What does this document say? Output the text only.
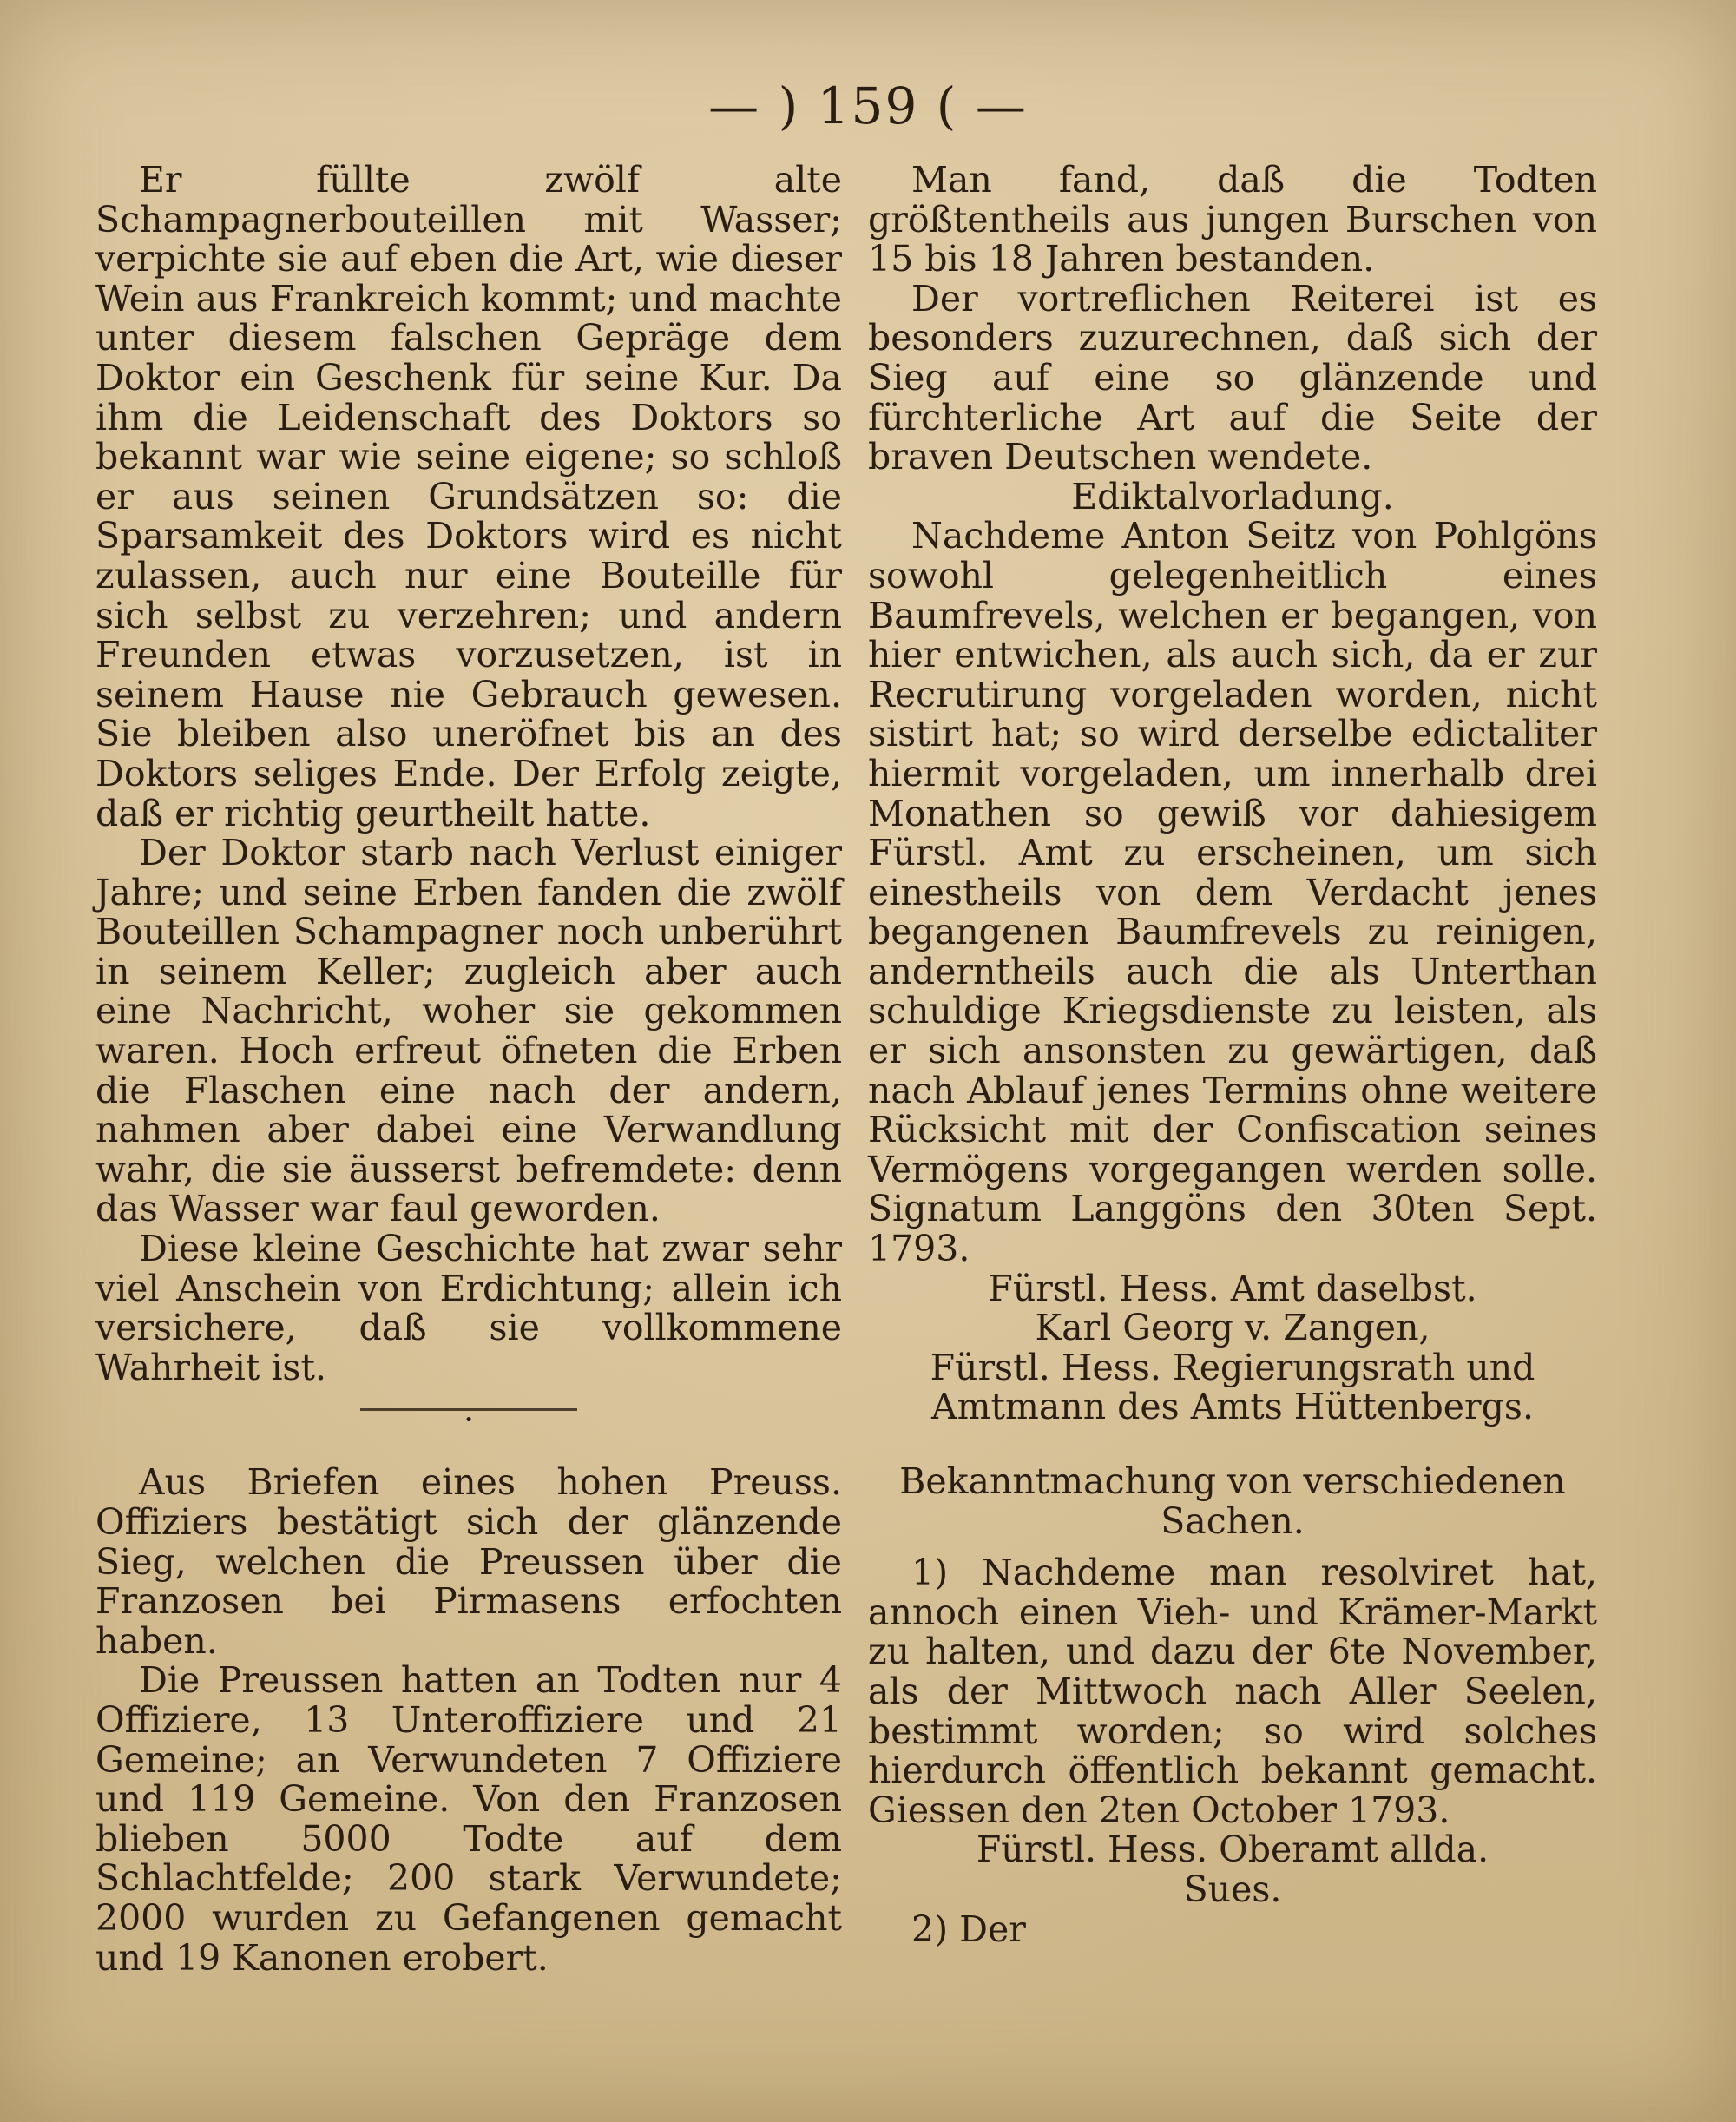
— ) 159 ( —

Er füllte zwölf alte Schampagnerbouteillen mit Wasser; verpichte sie auf eben die Art, wie dieser Wein aus Frankreich kommt; und machte unter diesem falschen Gepräge dem Doktor ein Geschenk für seine Kur. Da ihm die Leidenschaft des Doktors so bekannt war wie seine eigene; so schloß er aus seinen Grundsätzen so: die Sparsamkeit des Doktors wird es nicht zulassen, auch nur eine Bouteille für sich selbst zu verzehren; und andern Freunden etwas vorzusetzen, ist in seinem Hause nie Gebrauch gewesen. Sie bleiben also uneröfnet bis an des Doktors seliges Ende. Der Erfolg zeigte, daß er richtig geurtheilt hatte.

Der Doktor starb nach Verlust einiger Jahre; und seine Erben fanden die zwölf Bouteillen Schampagner noch unberührt in seinem Keller; zugleich aber auch eine Nachricht, woher sie gekommen waren. Hoch erfreut öfneten die Erben die Flaschen eine nach der andern, nahmen aber dabei eine Verwandlung wahr, die sie äusserst befremdete: denn das Wasser war faul geworden.

Diese kleine Geschichte hat zwar sehr viel Anschein von Erdichtung; allein ich versichere, daß sie vollkommene Wahrheit ist.

•

Aus Briefen eines hohen Preuss. Offiziers bestätigt sich der glänzende Sieg, welchen die Preussen über die Franzosen bei Pirmasens erfochten haben.

Die Preussen hatten an Todten nur 4 Offiziere, 13 Unteroffiziere und 21 Gemeine; an Verwundeten 7 Offiziere und 119 Gemeine. Von den Franzosen blieben 5000 Todte auf dem Schlachtfelde; 200 stark Verwundete; 2000 wurden zu Gefangenen gemacht und 19 Kanonen erobert.

Man fand, daß die Todten größtentheils aus jungen Burschen von 15 bis 18 Jahren bestanden.

Der vortreflichen Reiterei ist es besonders zuzurechnen, daß sich der Sieg auf eine so glänzende und fürchterliche Art auf die Seite der braven Deutschen wendete.

Ediktalvorladung.

Nachdeme Anton Seitz von Pohlgöns sowohl gelegenheitlich eines Baumfrevels, welchen er begangen, von hier entwichen, als auch sich, da er zur Recrutirung vorgeladen worden, nicht sistirt hat; so wird derselbe edictaliter hiermit vorgeladen, um innerhalb drei Monathen so gewiß vor dahiesigem Fürstl. Amt zu erscheinen, um sich einestheils von dem Verdacht jenes begangenen Baumfrevels zu reinigen, anderntheils auch die als Unterthan schuldige Kriegsdienste zu leisten, als er sich ansonsten zu gewärtigen, daß nach Ablauf jenes Termins ohne weitere Rücksicht mit der Confiscation seines Vermögens vorgegangen werden solle. Signatum Langgöns den 30ten Sept. 1793.

Fürstl. Hess. Amt daselbst.

Karl Georg v. Zangen,

Fürstl. Hess. Regierungsrath und Amtmann des Amts Hüttenbergs.

Bekanntmachung von verschiedenen Sachen.

1) Nachdeme man resolviret hat, annoch einen Vieh- und Krämer-Markt zu halten, und dazu der 6te November, als der Mittwoch nach Aller Seelen, bestimmt worden; so wird solches hierdurch öffentlich bekannt gemacht. Giessen den 2ten October 1793.

Fürstl. Hess. Oberamt allda.

Sues.

2) Der
